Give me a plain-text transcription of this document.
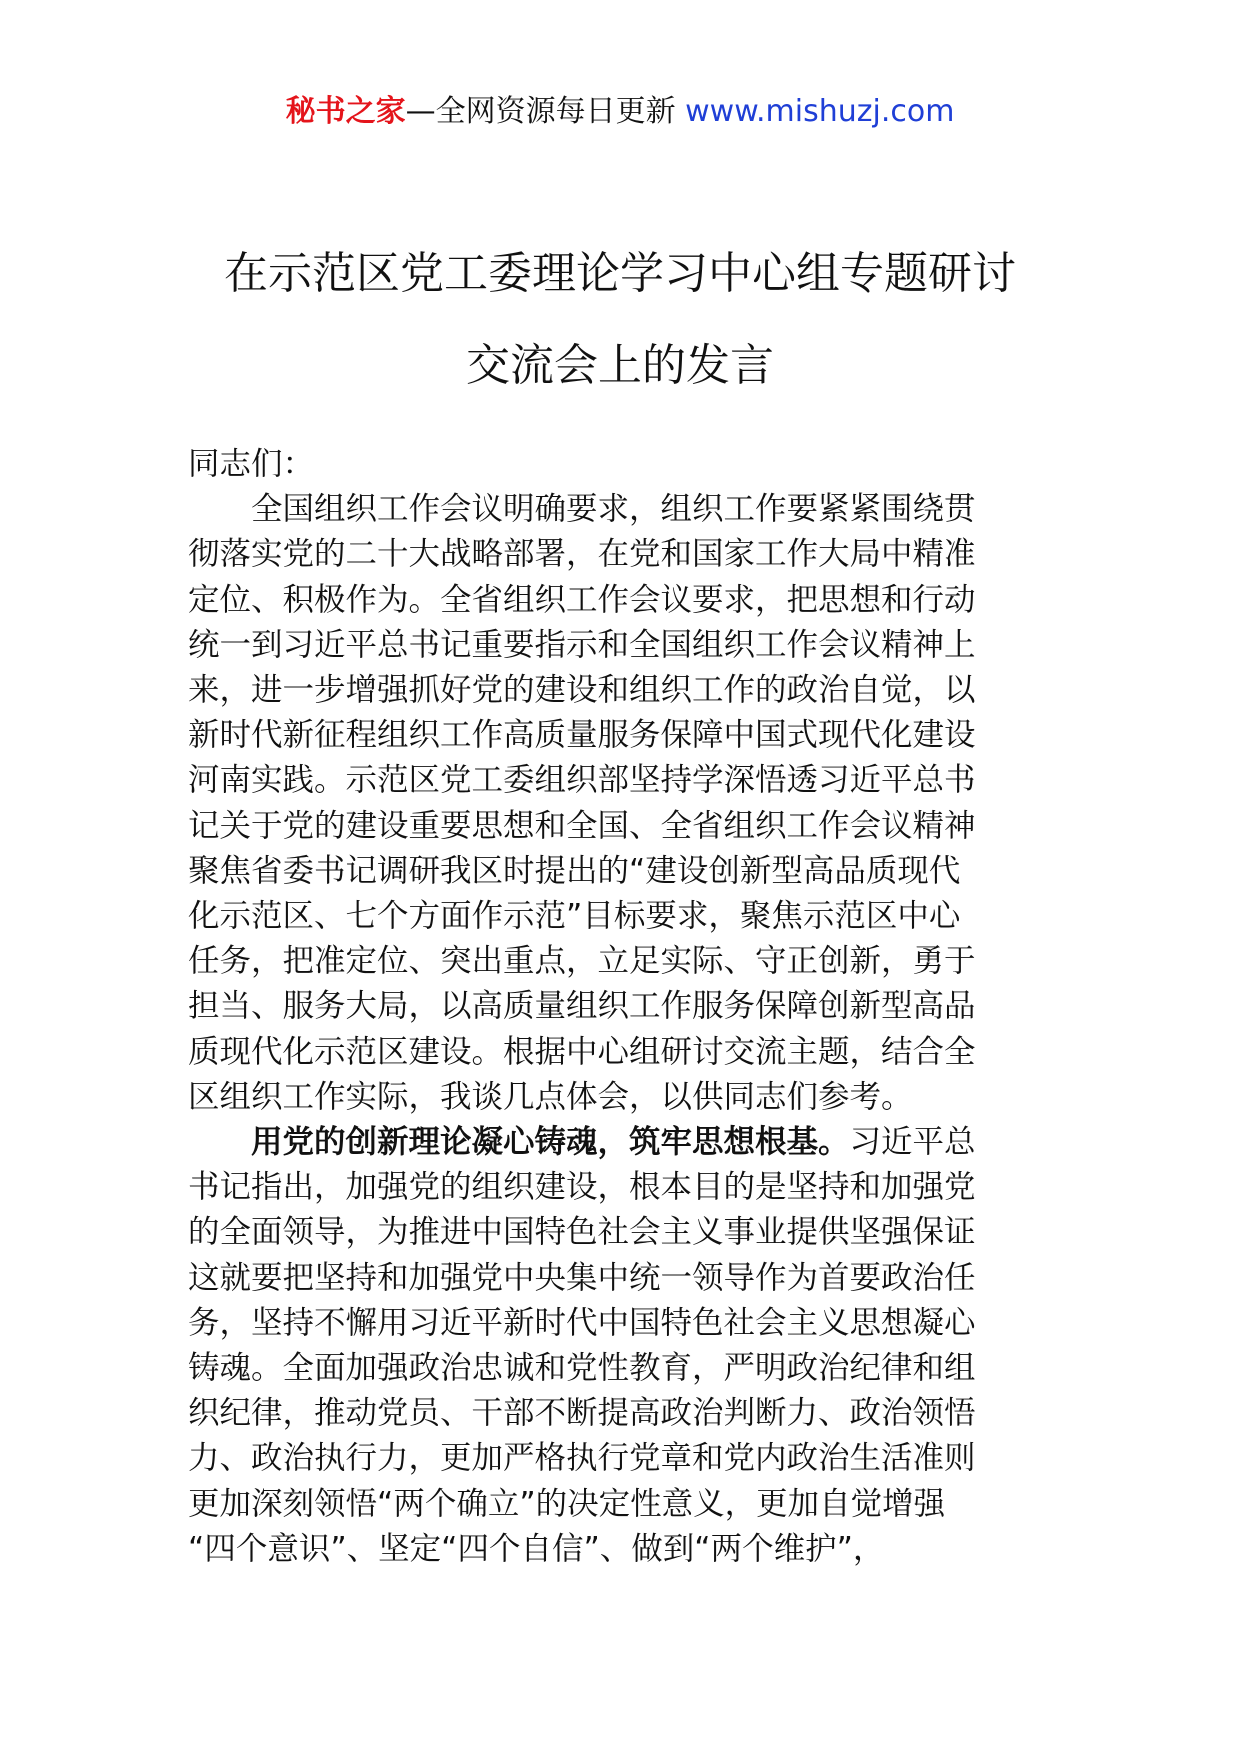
秘书之家—全网资源每日更新 www.mishuzj.com
在示范区党工委理论学习中心组专题研讨
交流会上的发言
同志们：
全国组织工作会议明确要求，组织工作要紧紧围绕贯
彻落实党的二十大战略部署，在党和国家工作大局中精准
定位、积极作为。全省组织工作会议要求，把思想和行动
统一到习近平总书记重要指示和全国组织工作会议精神上
来，进一步增强抓好党的建设和组织工作的政治自觉，以
新时代新征程组织工作高质量服务保障中国式现代化建设
河南实践。示范区党工委组织部坚持学深悟透习近平总书
记关于党的建设重要思想和全国、全省组织工作会议精神
聚焦省委书记调研我区时提出的“建设创新型高品质现代
化示范区、七个方面作示范”目标要求，聚焦示范区中心
任务，把准定位、突出重点，立足实际、守正创新，勇于
担当、服务大局，以高质量组织工作服务保障创新型高品
质现代化示范区建设。根据中心组研讨交流主题，结合全
区组织工作实际，我谈几点体会，以供同志们参考。
用党的创新理论凝心铸魂，筑牢思想根基。习近平总
书记指出，加强党的组织建设，根本目的是坚持和加强党
的全面领导，为推进中国特色社会主义事业提供坚强保证
这就要把坚持和加强党中央集中统一领导作为首要政治任
务，坚持不懈用习近平新时代中国特色社会主义思想凝心
铸魂。全面加强政治忠诚和党性教育，严明政治纪律和组
织纪律，推动党员、干部不断提高政治判断力、政治领悟
力、政治执行力，更加严格执行党章和党内政治生活准则
更加深刻领悟“两个确立”的决定性意义，更加自觉增强
“四个意识”、坚定“四个自信”、做到“两个维护”，
